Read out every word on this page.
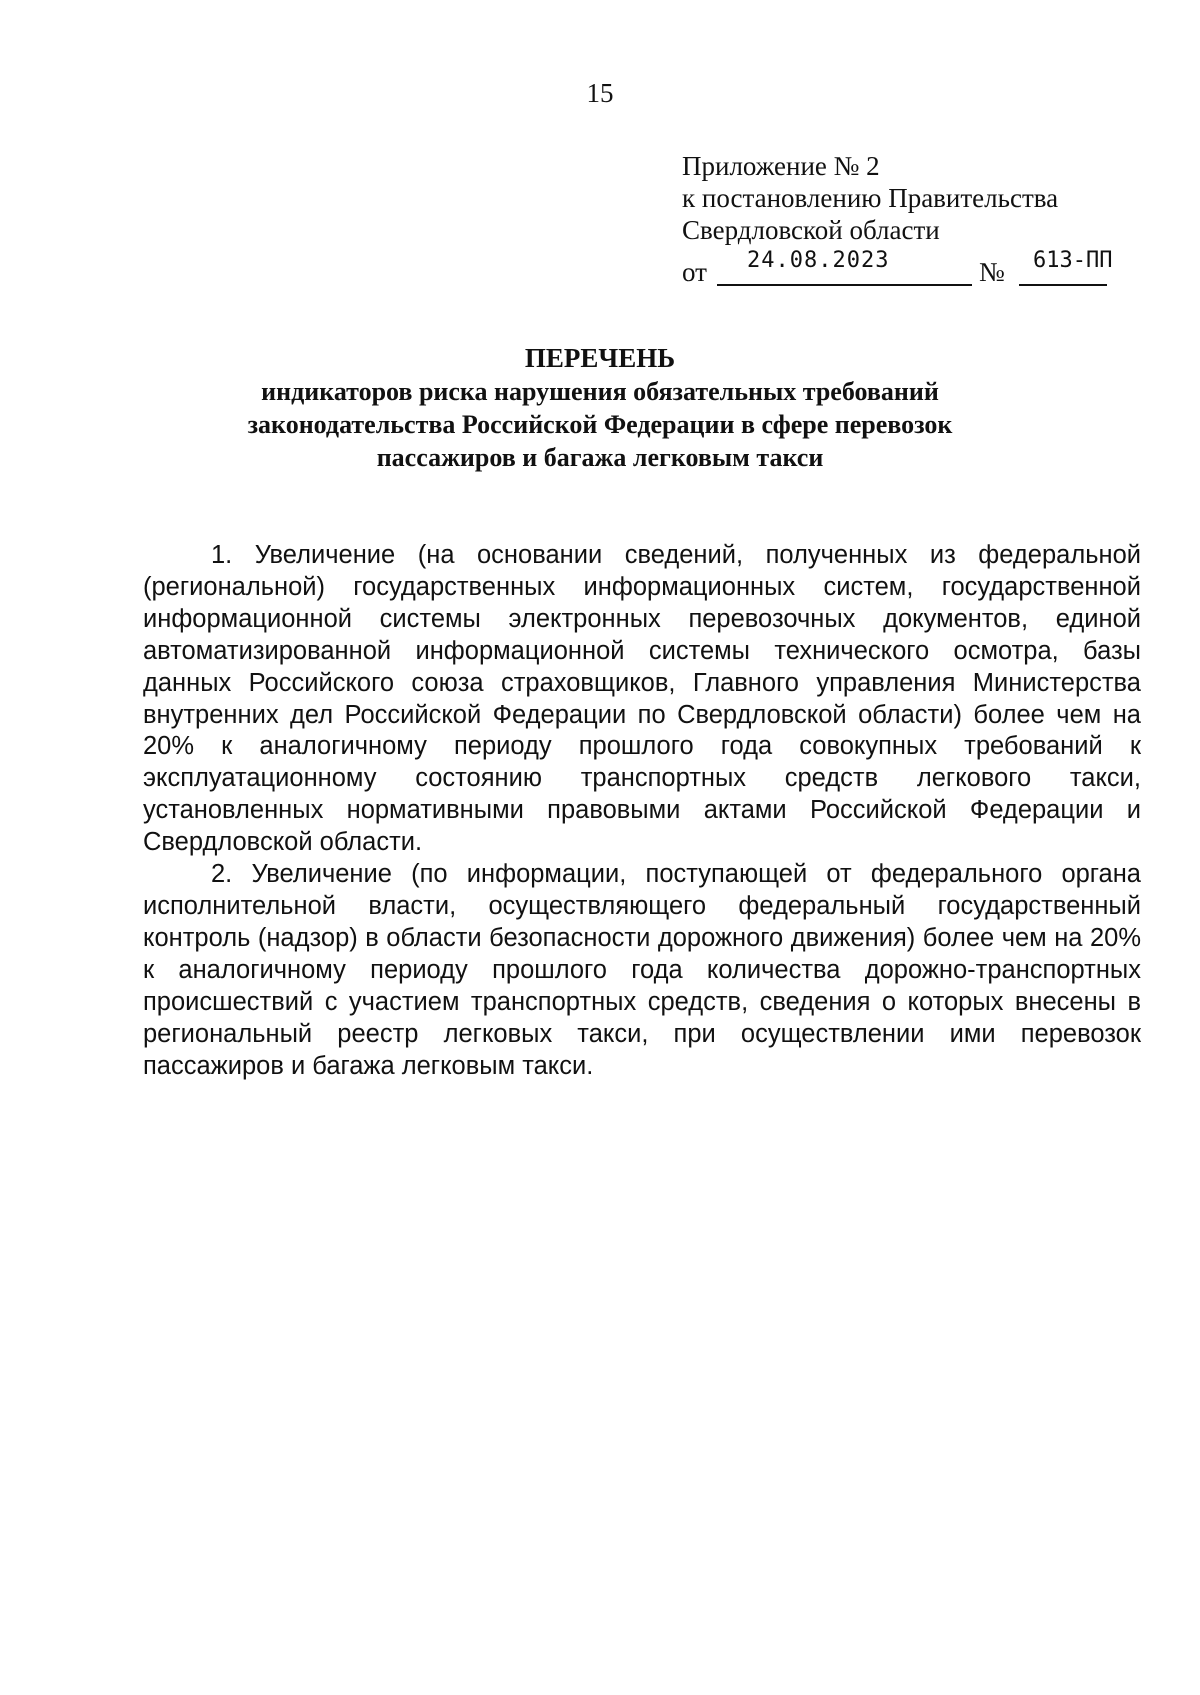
15
Приложение № 2
к постановлению Правительства
Свердловской области
от 24.08.2023	№ 613-ПП
ПЕРЕЧЕНЬ
индикаторов риска нарушения обязательных требований
законодательства Российской Федерации в сфере перевозок
пассажиров и багажа легковым такси

1. Увеличение (на основании сведений, полученных из федеральной (региональной) государственных информационных систем, государственной информационной системы электронных перевозочных документов, единой автоматизированной информационной системы технического осмотра, базы данных Российского союза страховщиков, Главного управления Министерства внутренних дел Российской Федерации по Свердловской области) более чем на 20% к аналогичному периоду прошлого года совокупных требований к эксплуатационному состоянию транспортных средств легкового такси, установленных нормативными правовыми актами Российской Федерации и Свердловской области.

2. Увеличение (по информации, поступающей от федерального органа исполнительной власти, осуществляющего федеральный государственный контроль (надзор) в области безопасности дорожного движения) более чем на 20% к аналогичному периоду прошлого года количества дорожно-транспортных происшествий с участием транспортных средств, сведения о которых внесены в региональный реестр легковых такси, при осуществлении ими перевозок пассажиров и багажа легковым такси.
